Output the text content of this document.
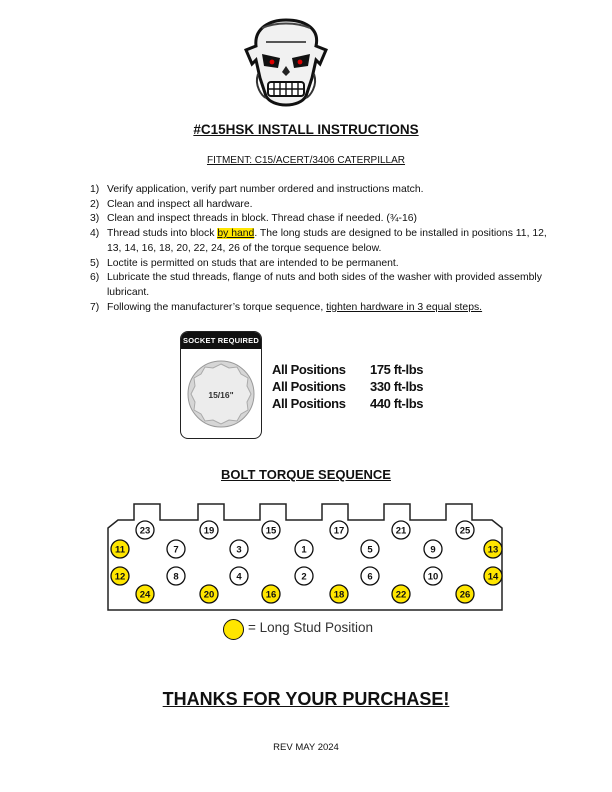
#C15HSK INSTALL INSTRUCTIONS
FITMENT: C15/ACERT/3406 CATERPILLAR
1) Verify application, verify part number ordered and instructions match.
2) Clean and inspect all hardware.
3) Clean and inspect threads in block. Thread chase if needed. (¾-16)
4) Thread studs into block by hand. The long studs are designed to be installed in positions 11, 12, 13, 14, 16, 18, 20, 22, 24, 26 of the torque sequence below.
5) Loctite is permitted on studs that are intended to be permanent.
6) Lubricate the stud threads, flange of nuts and both sides of the washer with provided assembly lubricant.
7) Following the manufacturer’s torque sequence, tighten hardware in 3 equal steps.
SOCKET REQUIRED
15/16"
All Positions 175 ft-lbs
All Positions 330 ft-lbs
All Positions 440 ft-lbs
BOLT TORQUE SEQUENCE
23	19	15	17	21	25
11	7	3	1	5	9	13
12	8	4	2	6	10	14
24	20	16	18	22	26
= Long Stud Position
THANKS FOR YOUR PURCHASE!
REV MAY 2024
